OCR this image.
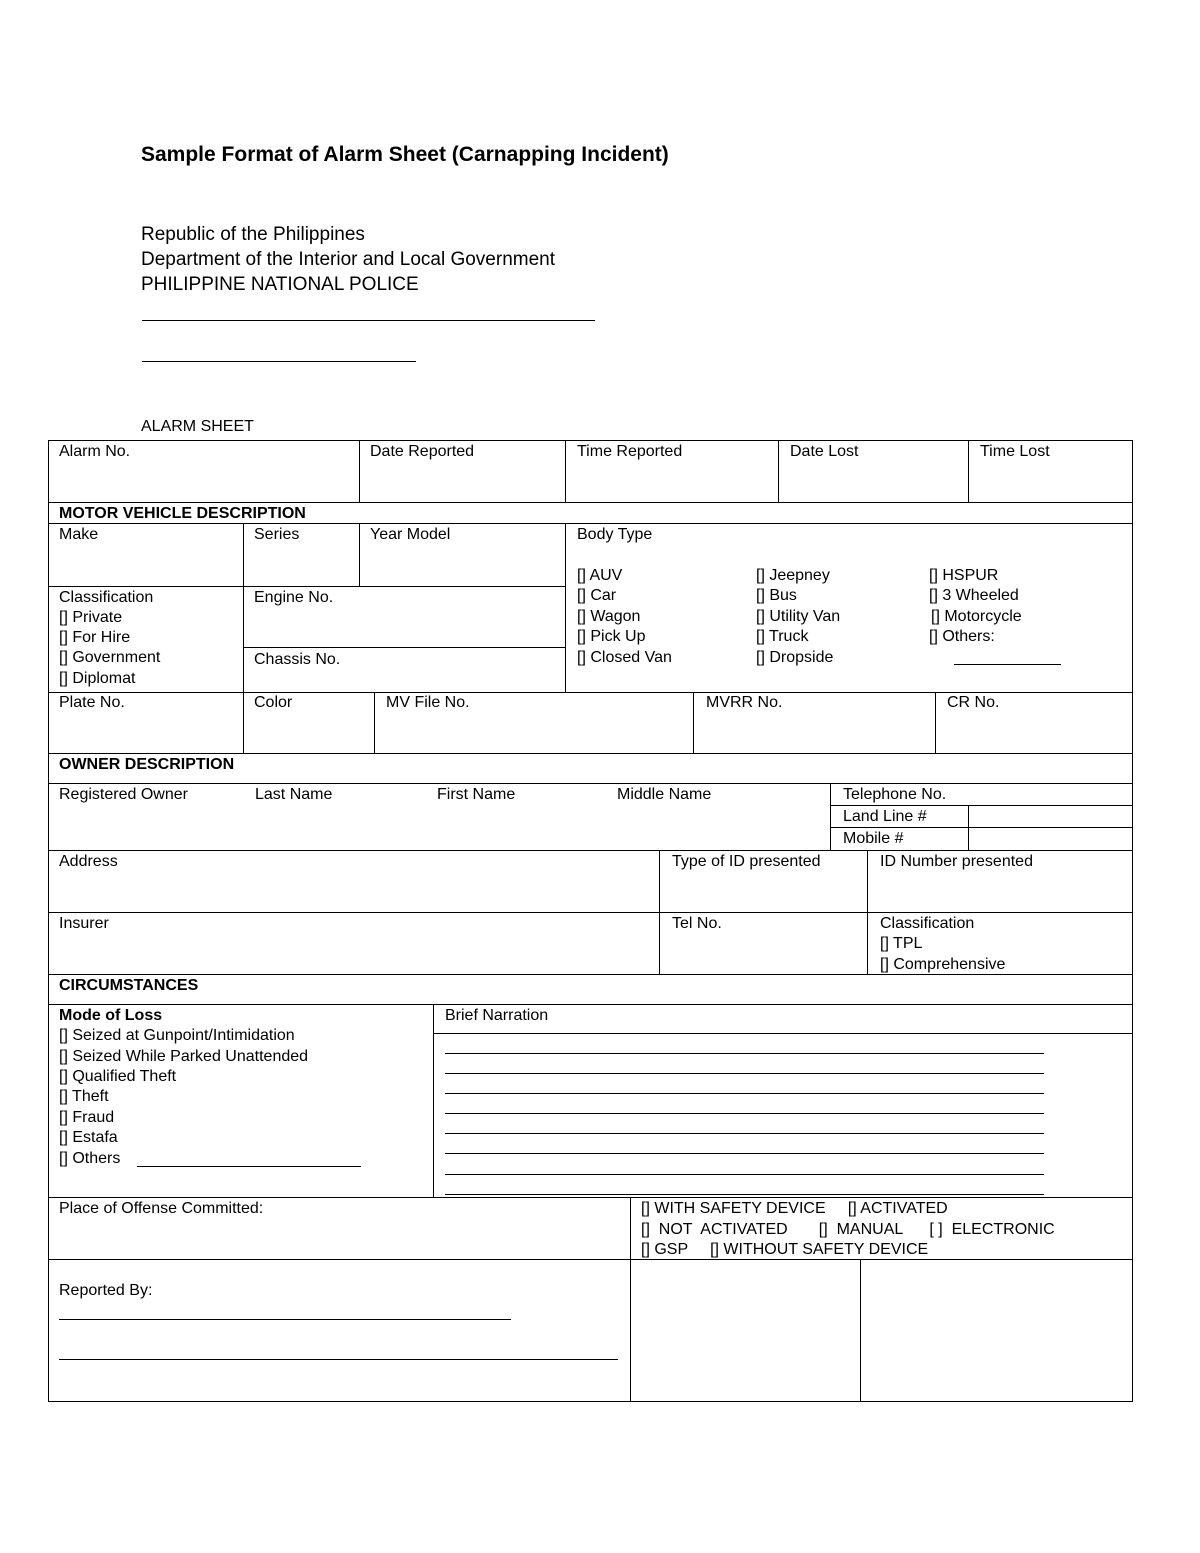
Sample Format of Alarm Sheet (Carnapping Incident)
Republic of the Philippines
Department of the Interior and Local Government
PHILIPPINE NATIONAL POLICE
ALARM SHEET
Alarm No.	Date Reported	Time Reported	Date Lost	Time Lost
MOTOR VEHICLE DESCRIPTION
Make	Series	Year Model	Body Type
[] AUV
[] Car
[] Wagon
[] Pick Up
[] Closed Van
[] Jeepney
[] Bus
[] Utility Van
[] Truck
[] Dropside
[] HSPUR
[] 3 Wheeled
[] Motorcycle
[] Others:
Classification
[] Private
[] For Hire
[] Government
[] Diplomat
Engine No.
Chassis No.
Plate No.	Color	MV File No.	MVRR No.	CR No.
OWNER DESCRIPTION
Registered Owner	Last Name	First Name	Middle Name	Telephone No.
Land Line #
Mobile #
Address	Type of ID presented	ID Number presented
Insurer	Tel No.	Classification
[] TPL
[] Comprehensive
CIRCUMSTANCES
Mode of Loss
[] Seized at Gunpoint/Intimidation
[] Seized While Parked Unattended
[] Qualified Theft
[] Theft
[] Fraud
[] Estafa
[] Others
Brief Narration
Place of Offense Committed:	[] WITH SAFETY DEVICE     [] ACTIVATED
[]  NOT  ACTIVATED       []  MANUAL      [ ]  ELECTRONIC
[] GSP     [] WITHOUT SAFETY DEVICE
Reported By:
